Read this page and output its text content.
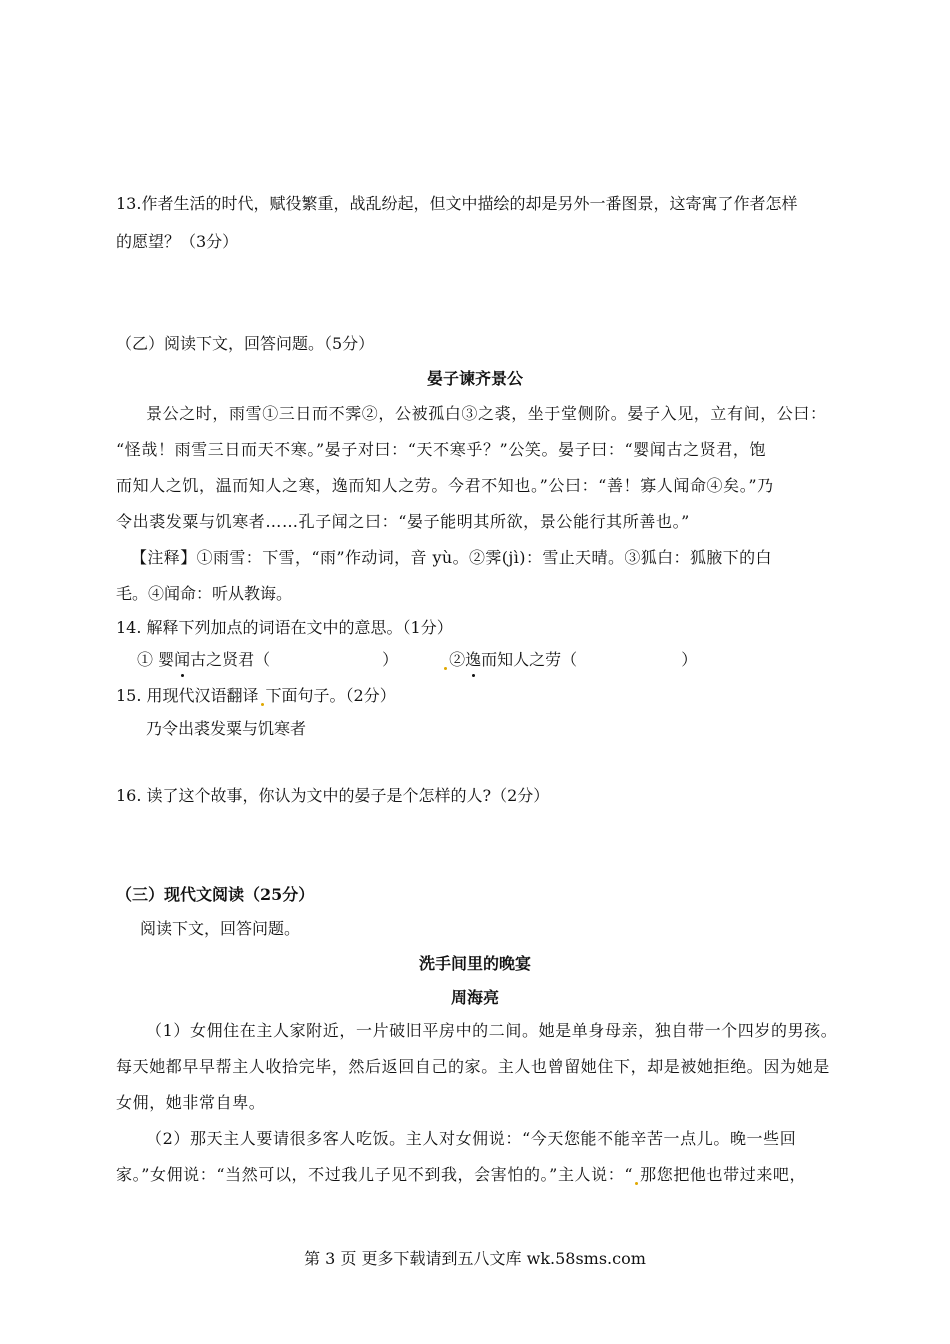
13.作者生活的时代，赋役繁重，战乱纷起，但文中描绘的却是另外一番图景，这寄寓了作者怎样
的愿望？（3分）
（乙）阅读下文，回答问题。（5分）
晏子谏齐景公
景公之时，雨雪①三日而不霁②，公被孤白③之裘，坐于堂侧阶。晏子入见，立有间，公曰：
“怪哉！雨雪三日而天不寒。”晏子对曰：“天不寒乎？”公笑。晏子曰：“婴闻古之贤君，饱
而知人之饥，温而知人之寒，逸而知人之劳。今君不知也。”公曰：“善！寡人闻命④矣。”乃
令出裘发粟与饥寒者……孔子闻之曰：“晏子能明其所欲，景公能行其所善也。”
【注释】①雨雪：下雪，“雨”作动词，音 yù。②霁(jì)：雪止天晴。③狐白：狐腋下的白
毛。④闻命：听从教诲。
14. 解释下列加点的词语在文中的意思。（1分）
① 婴闻古之贤君（	）	②逸而知人之劳（	）
15. 用现代汉语翻译 下面句子。（2分）
乃令出裘发粟与饥寒者
16. 读了这个故事，你认为文中的晏子是个怎样的人?（2分）
（三）现代文阅读（25分）
阅读下文，回答问题。
洗手间里的晚宴
周海亮
（1）女佣住在主人家附近，一片破旧平房中的二间。她是单身母亲，独自带一个四岁的男孩。
每天她都早早帮主人收拾完毕，然后返回自己的家。主人也曾留她住下，却是被她拒绝。因为她是
女佣，她非常自卑。
（2）那天主人要请很多客人吃饭。主人对女佣说：“今天您能不能辛苦一点儿。晚一些回
家。”女佣说：“当然可以，不过我儿子见不到我，会害怕的。”主人说：“ 那您把他也带过来吧，
第 3 页 更多下载请到五八文库 wk.58sms.com
